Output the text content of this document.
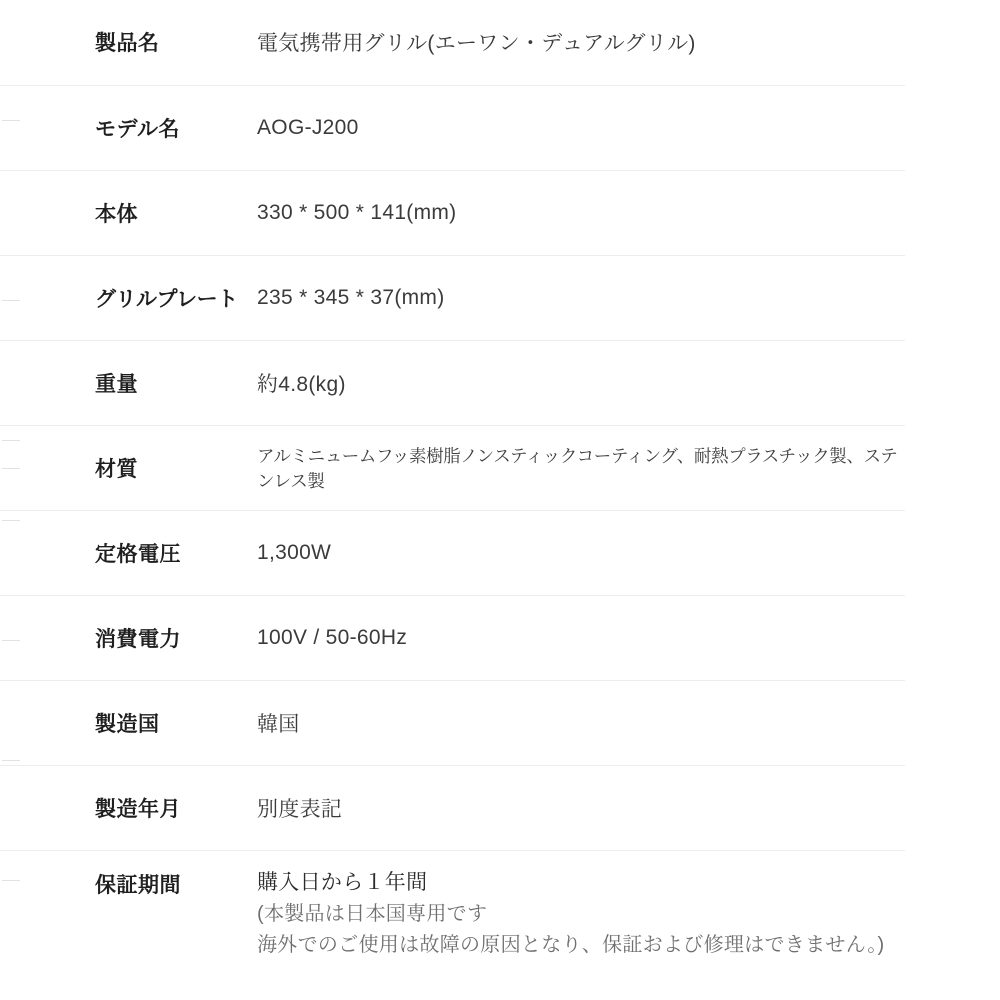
製品名	電気携帯用グリル(エーワン・デュアルグリル)
モデル名	AOG-J200
本体	330 * 500 * 141(mm)
グリルプレート	235 * 345 * 37(mm)
重量	約4.8(kg)
材質	アルミニュームフッ素樹脂ノンスティックコーティング、耐熱プラスチック製、ステンレス製
定格電圧	1,300W
消費電力	100V / 50-60Hz
製造国	韓国
製造年月	別度表記
保証期間	購入日から１年間
(本製品は日本国専用です
海外でのご使用は故障の原因となり、保証および修理はできません。)
